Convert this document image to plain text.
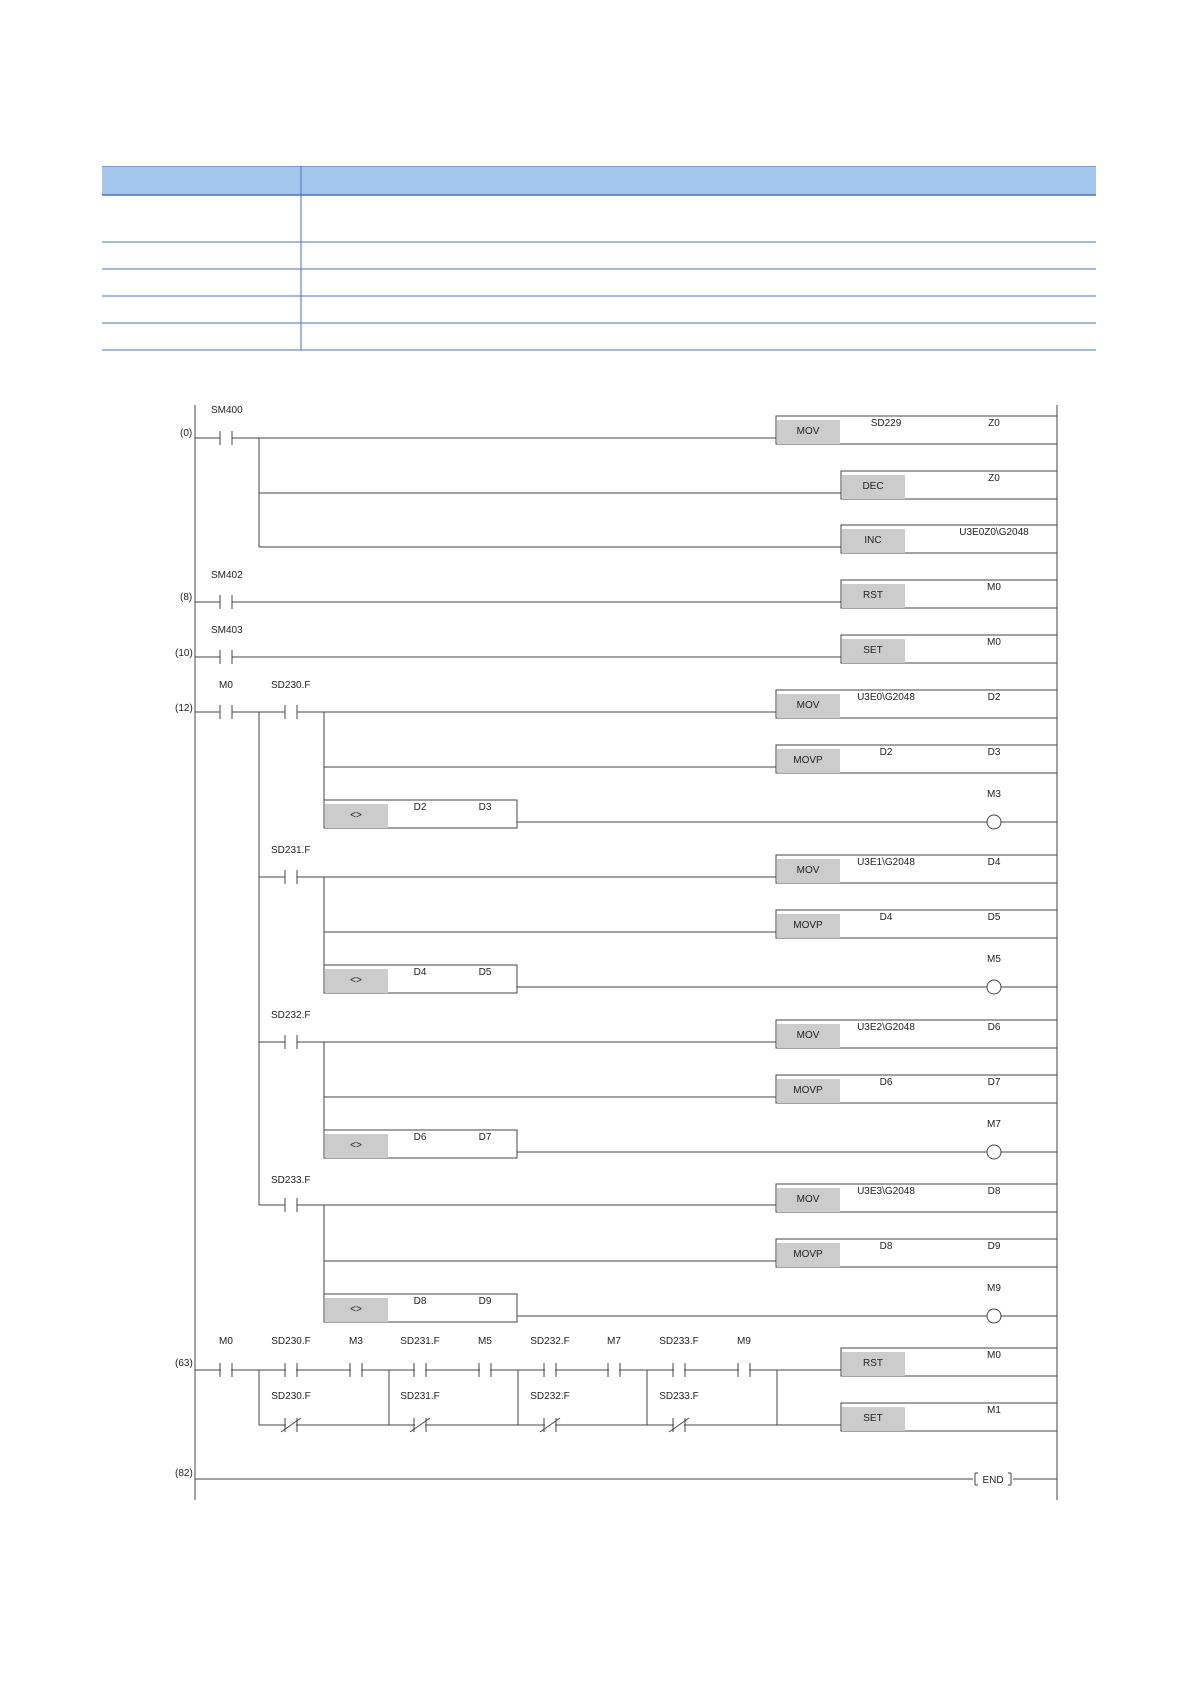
(0)
SM400
MOV
SD229	Z0
DEC
Z0
INC
U3E0Z0\G2048
(8)
SM402
RST
M0
(10)
SM403
SET
M0
(12)
M0	SD230.F
MOV
U3E0\G2048	D2
MOVP
D2	D3
<>
D2	D3
M3
SD231.F
MOV
U3E1\G2048	D4
MOVP
D4	D5
<>
D4	D5
M5
SD232.F
MOV
U3E2\G2048	D6
MOVP
D6	D7
<>
D6	D7
M7
SD233.F
MOV
U3E3\G2048	D8
MOVP
D8	D9
<>
D8	D9
M9
(63)
M0	SD230.F	M3	SD231.F	M5	SD232.F	M7	SD233.F	M9
SD230.F	SD231.F	SD232.F	SD233.F
RST
M0
SET
M1
(82)
END
